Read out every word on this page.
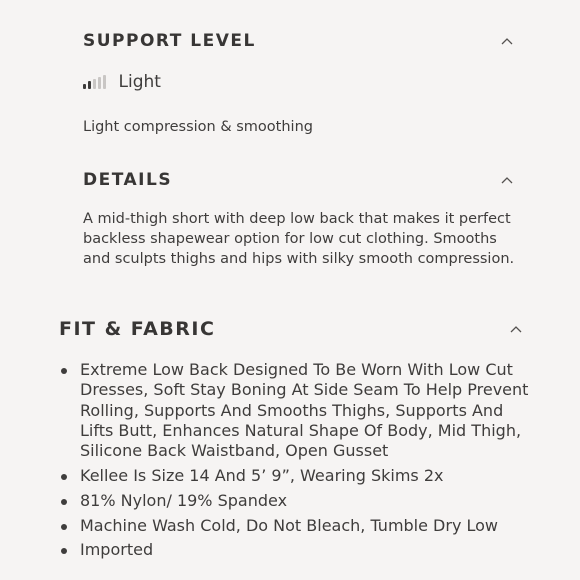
SUPPORT LEVEL
Light
Light compression & smoothing
DETAILS
A mid-thigh short with deep low back that makes it perfect backless shapewear option for low cut clothing. Smooths and sculpts thighs and hips with silky smooth compression.
FIT & FABRIC
Extreme Low Back Designed To Be Worn With Low Cut Dresses, Soft Stay Boning At Side Seam To Help Prevent Rolling, Supports And Smooths Thighs, Supports And Lifts Butt, Enhances Natural Shape Of Body, Mid Thigh, Silicone Back Waistband, Open Gusset
Kellee Is Size 14 And 5’ 9”, Wearing Skims 2x
81% Nylon/ 19% Spandex
Machine Wash Cold, Do Not Bleach, Tumble Dry Low
Imported
